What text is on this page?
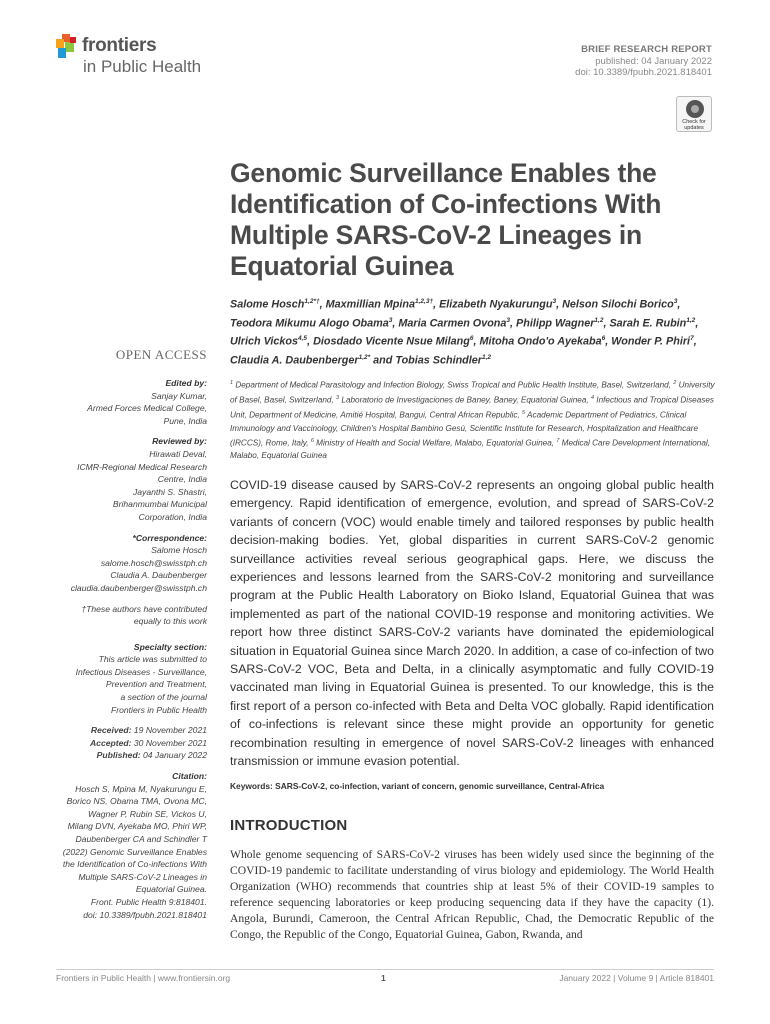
frontiers
in Public Health
BRIEF RESEARCH REPORT
published: 04 January 2022
doi: 10.3389/fpubh.2021.818401
Check for updates
Genomic Surveillance Enables the Identification of Co-infections With Multiple SARS-CoV-2 Lineages in Equatorial Guinea
Salome Hosch$^{1,2*\dagger}$, Maxmillian Mpina$^{1,2,3\dagger}$, Elizabeth Nyakurungu$^3$, Nelson Silochi Borico$^3$, Teodora Mikumu Alogo Obama$^3$, Maria Carmen Ovona$^3$, Philipp Wagner$^{1,2}$, Sarah E. Rubin$^{1,2}$, Ulrich Vickos$^{4,5}$, Diosdado Vicente Nsue Milang$^6$, Mitoha Ondo'o Ayekaba$^6$, Wonder P. Phiri$^7$, Claudia A. Daubenberger$^{1,2*}$ and Tobias Schindler$^{1,2}$
OPEN ACCESS
$^1$ Department of Medical Parasitology and Infection Biology, Swiss Tropical and Public Health Institute, Basel, Switzerland, $^2$ University of Basel, Basel, Switzerland, $^3$ Laboratorio de Investigaciones de Baney, Baney, Equatorial Guinea, $^4$ Infectious and Tropical Diseases Unit, Department of Medicine, Amitié Hospital, Bangui, Central African Republic, $^5$ Academic Department of Pediatrics, Clinical Immunology and Vaccinology, Children's Hospital Bambino Gesù, Scientific Institute for Research, Hospitalization and Healthcare (IRCCS), Rome, Italy, $^6$ Ministry of Health and Social Welfare, Malabo, Equatorial Guinea, $^7$ Medical Care Development International, Malabo, Equatorial Guinea
Edited by:
Sanjay Kumar,
Armed Forces Medical College,
Pune, India
Reviewed by:
Hirawati Deval,
ICMR-Regional Medical Research
Centre, India
Jayanthi S. Shastri,
Brihanmumbai Municipal
Corporation, India
*Correspondence:
Salome Hosch
salome.hosch@swisstph.ch
Claudia A. Daubenberger
claudia.daubenberger@swisstph.ch
†These authors have contributed
equally to this work
Specialty section:
This article was submitted to
Infectious Diseases - Surveillance,
Prevention and Treatment,
a section of the journal
Frontiers in Public Health
Received: 19 November 2021
Accepted: 30 November 2021
Published: 04 January 2022
Citation:
Hosch S, Mpina M, Nyakurungu E,
Borico NS, Obama TMA, Ovona MC,
Wagner P, Rubin SE, Vickos U,
Milang DVN, Ayekaba MO, Phiri WP,
Daubenberger CA and Schindler T
(2022) Genomic Surveillance Enables
the Identification of Co-infections With
Multiple SARS-CoV-2 Lineages in
Equatorial Guinea.
Front. Public Health 9:818401.
doi: 10.3389/fpubh.2021.818401

COVID-19 disease caused by SARS-CoV-2 represents an ongoing global public health emergency. Rapid identification of emergence, evolution, and spread of SARS-CoV-2 variants of concern (VOC) would enable timely and tailored responses by public health decision-making bodies. Yet, global disparities in current SARS-CoV-2 genomic surveillance activities reveal serious geographical gaps. Here, we discuss the experiences and lessons learned from the SARS-CoV-2 monitoring and surveillance program at the Public Health Laboratory on Bioko Island, Equatorial Guinea that was implemented as part of the national COVID-19 response and monitoring activities. We report how three distinct SARS-CoV-2 variants have dominated the epidemiological situation in Equatorial Guinea since March 2020. In addition, a case of co-infection of two SARS-CoV-2 VOC, Beta and Delta, in a clinically asymptomatic and fully COVID-19 vaccinated man living in Equatorial Guinea is presented. To our knowledge, this is the first report of a person co-infected with Beta and Delta VOC globally. Rapid identification of co-infections is relevant since these might provide an opportunity for genetic recombination resulting in emergence of novel SARS-CoV-2 lineages with enhanced transmission or immune evasion potential.

Keywords: SARS-CoV-2, co-infection, variant of concern, genomic surveillance, Central-Africa
INTRODUCTION

Whole genome sequencing of SARS-CoV-2 viruses has been widely used since the beginning of the COVID-19 pandemic to facilitate understanding of virus biology and epidemiology. The World Health Organization (WHO) recommends that countries ship at least 5% of their COVID-19 samples to reference sequencing laboratories or keep producing sequencing data if they have the capacity (1). Angola, Burundi, Cameroon, the Central African Republic, Chad, the Democratic Republic of the Congo, the Republic of the Congo, Equatorial Guinea, Gabon, Rwanda, and

Frontiers in Public Health | www.frontiersin.org	1	January 2022 | Volume 9 | Article 818401
